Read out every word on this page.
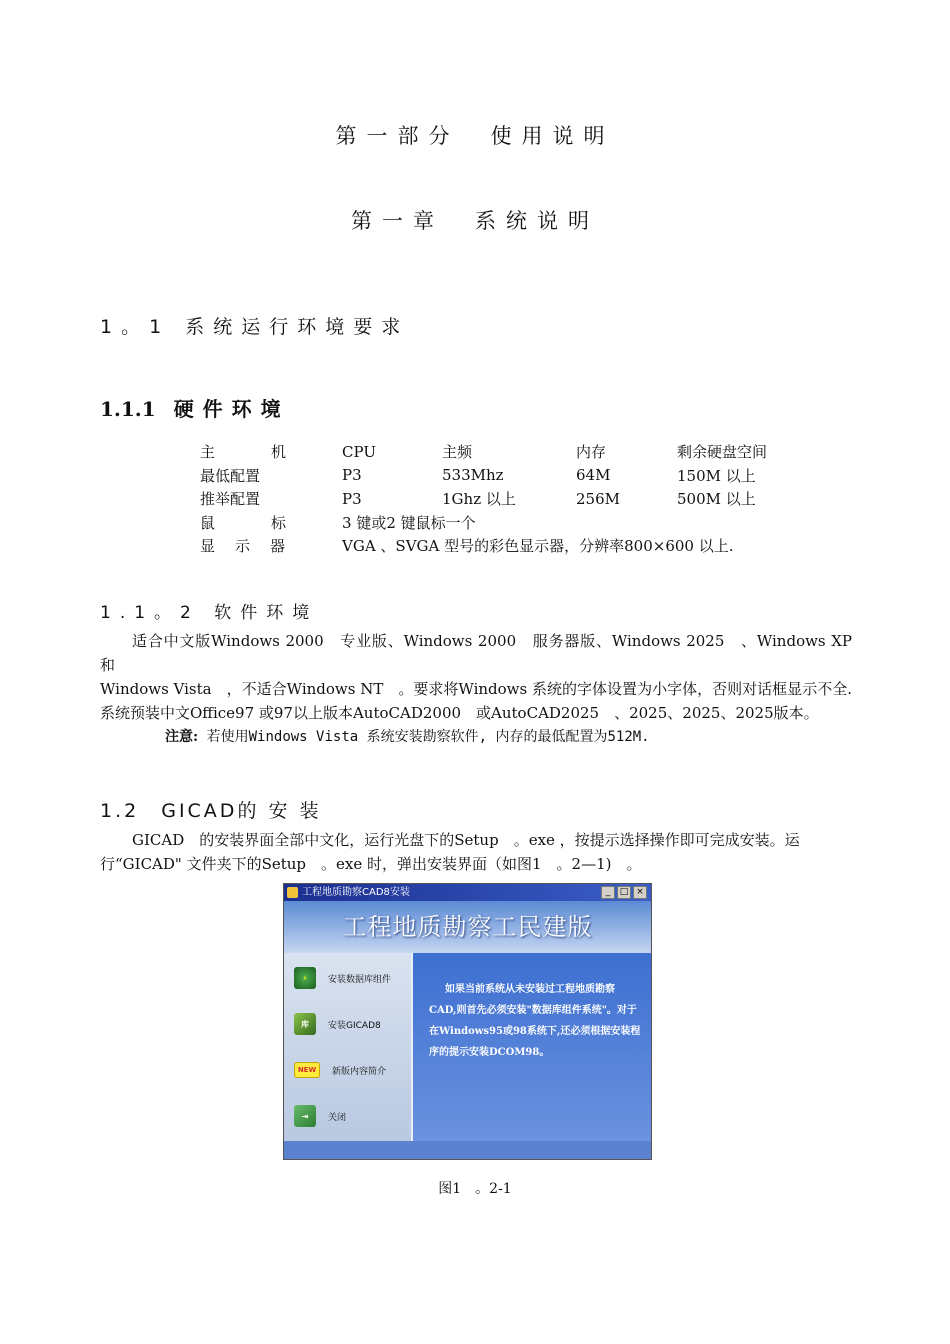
第一部分　使用说明
第一章　系统说明
1。1 系统运行环境要求
1.1.1 硬件环境
主机	CPU	主频	内存	剩余硬盘空间
最低配置	P3	533Mhz	64M	150M 以上
推举配置	P3	1Ghz 以上	256M	500M 以上
鼠标	3 键或2 键鼠标一个			
显示器	VGA 、SVGA 型号的彩色显示器，分辨率800×600 以上.			
1.1。2 软件环境
适合中文版Windows 2000　专业版、Windows 2000　服务器版、Windows 2025　、Windows XP　和
Windows Vista　，不适合Windows NT　。要求将Windows 系统的字体设置为小字体，否则对话框显示不全. 系统预装中文Office97 或97以上版本AutoCAD2000　或AutoCAD2025　、2025、2025、2025版本。
注意: 若使用Windows Vista 系统安装勘察软件, 内存的最低配置为512M.
1.2　GICAD的 安 装
GICAD　的安装界面全部中文化，运行光盘下的Setup　。exe ，按提示选择操作即可完成安装。运
行“GICAD" 文件夹下的Setup　。exe 时，弹出安装界面（如图1　。2—1)　。
工程地质勘察CAD8安装	_	□ ×
工程地质勘察工民建版
⚡	安装数据库组件
库	安装GICAD8
NEW	新版内容简介
⇥	关闭
如果当前系统从未安装过工程地质勘察CAD,则首先必须安装"数据库组件系统"。对于在Windows95或98系统下,还必须根据安装程序的提示安装DCOM98。
图1　。2-1
